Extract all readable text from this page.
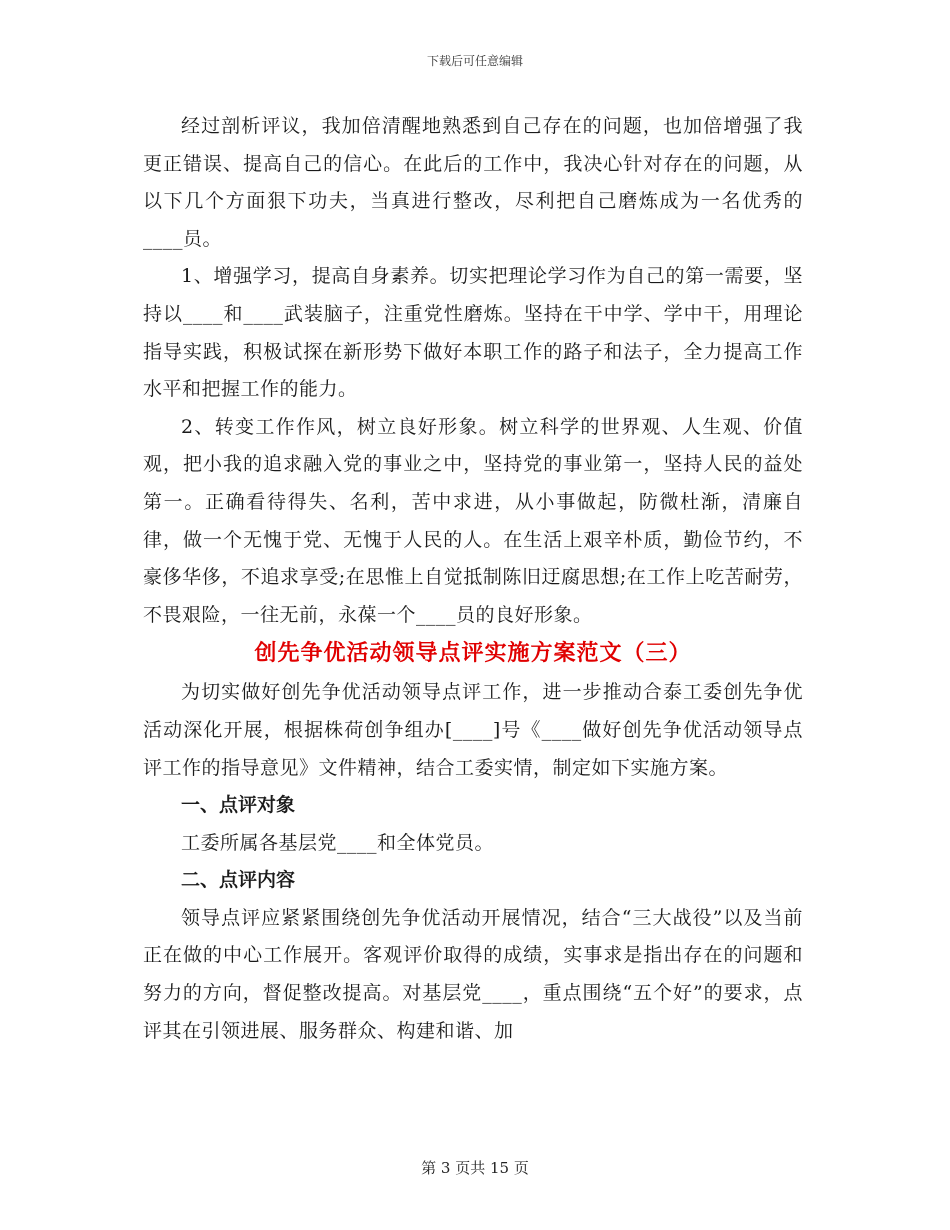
下载后可任意编辑

经过剖析评议，我加倍清醒地熟悉到自己存在的问题，也加倍增强了我更正错误、提高自己的信心。在此后的工作中，我决心针对存在的问题，从以下几个方面狠下功夫，当真进行整改，尽利把自己磨炼成为一名优秀的____员。

1、增强学习，提高自身素养。切实把理论学习作为自己的第一需要，坚持以____和____武装脑子，注重党性磨炼。坚持在干中学、学中干，用理论指导实践，积极试探在新形势下做好本职工作的路子和法子，全力提高工作水平和把握工作的能力。

2、转变工作作风，树立良好形象。树立科学的世界观、人生观、价值观，把小我的追求融入党的事业之中，坚持党的事业第一，坚持人民的益处第一。正确看待得失、名利，苦中求进，从小事做起，防微杜渐，清廉自律，做一个无愧于党、无愧于人民的人。在生活上艰辛朴质，勤俭节约，不豪侈华侈，不追求享受;在思惟上自觉抵制陈旧迂腐思想;在工作上吃苦耐劳，不畏艰险，一往无前，永葆一个____员的良好形象。

创先争优活动领导点评实施方案范文（三）

为切实做好创先争优活动领导点评工作，进一步推动合泰工委创先争优活动深化开展，根据株荷创争组办[____]号《____做好创先争优活动领导点评工作的指导意见》文件精神，结合工委实情，制定如下实施方案。

一、点评对象

工委所属各基层党____和全体党员。

二、点评内容

领导点评应紧紧围绕创先争优活动开展情况，结合“三大战役”以及当前正在做的中心工作展开。客观评价取得的成绩，实事求是指出存在的问题和努力的方向，督促整改提高。对基层党____，重点围绕“五个好”的要求，点评其在引领进展、服务群众、构建和谐、加

第 3 页共 15 页
